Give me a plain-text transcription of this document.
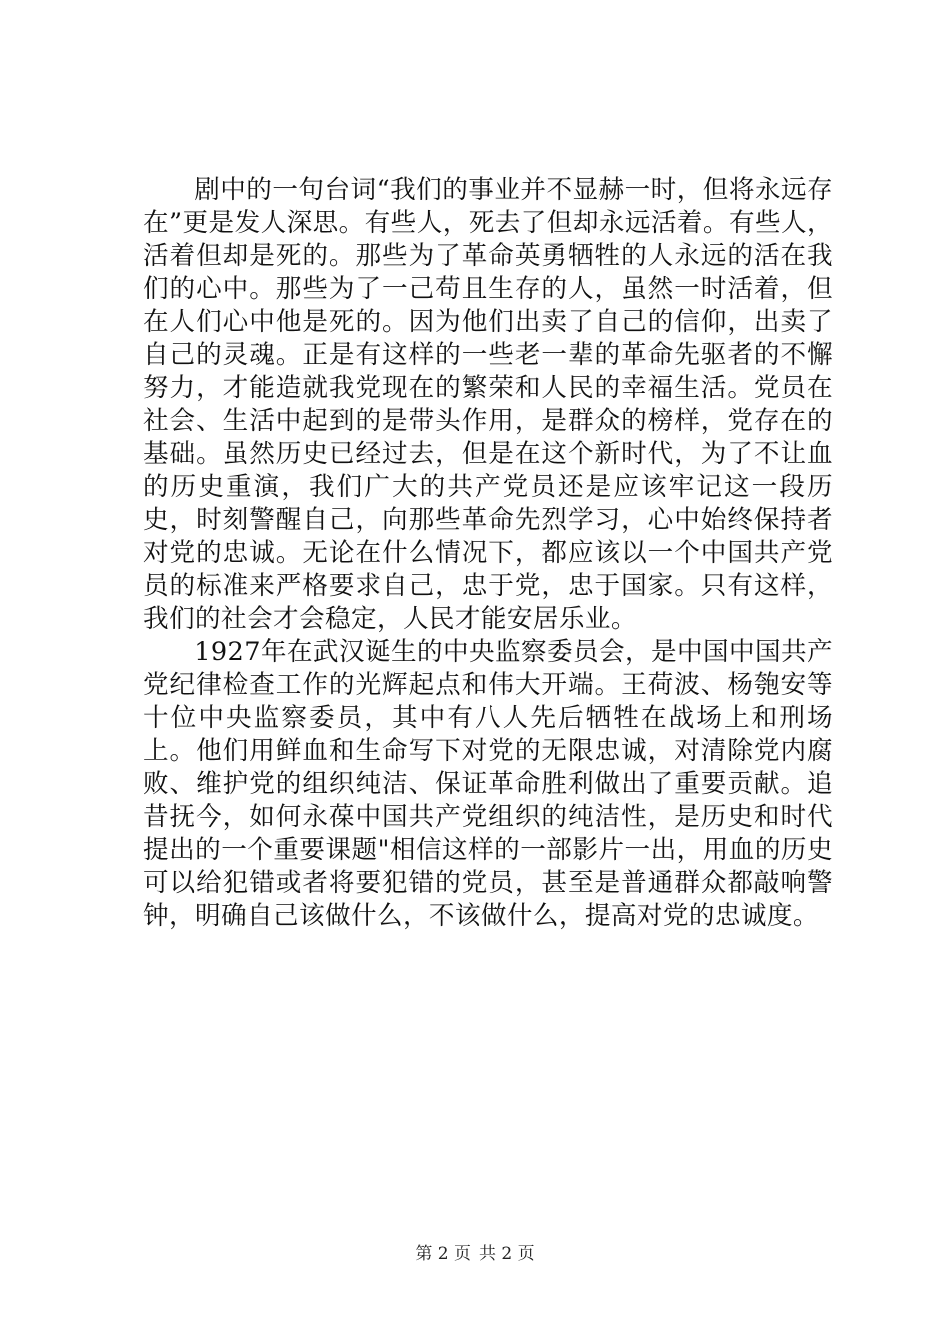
剧中的一句台词“我们的事业并不显赫一时，但将永远存在”更是发人深思。有些人，死去了但却永远活着。有些人，活着但却是死的。那些为了革命英勇牺牲的人永远的活在我们的心中。那些为了一己苟且生存的人，虽然一时活着，但在人们心中他是死的。因为他们出卖了自己的信仰，出卖了自己的灵魂。正是有这样的一些老一辈的革命先驱者的不懈努力，才能造就我党现在的繁荣和人民的幸福生活。党员在社会、生活中起到的是带头作用，是群众的榜样，党存在的基础。虽然历史已经过去，但是在这个新时代，为了不让血的历史重演，我们广大的共产党员还是应该牢记这一段历史，时刻警醒自己，向那些革命先烈学习，心中始终保持者对党的忠诚。无论在什么情况下，都应该以一个中国共产党员的标准来严格要求自己，忠于党，忠于国家。只有这样，我们的社会才会稳定，人民才能安居乐业。

1927年在武汉诞生的中央监察委员会，是中国中国共产党纪律检查工作的光辉起点和伟大开端。王荷波、杨匏安等十位中央监察委员，其中有八人先后牺牲在战场上和刑场上。他们用鲜血和生命写下对党的无限忠诚，对清除党内腐败、维护党的组织纯洁、保证革命胜利做出了重要贡献。追昔抚今，如何永葆中国共产党组织的纯洁性，是历史和时代提出的一个重要课题"相信这样的一部影片一出，用血的历史可以给犯错或者将要犯错的党员，甚至是普通群众都敲响警钟，明确自己该做什么，不该做什么，提高对党的忠诚度。

第 2 页 共 2 页
